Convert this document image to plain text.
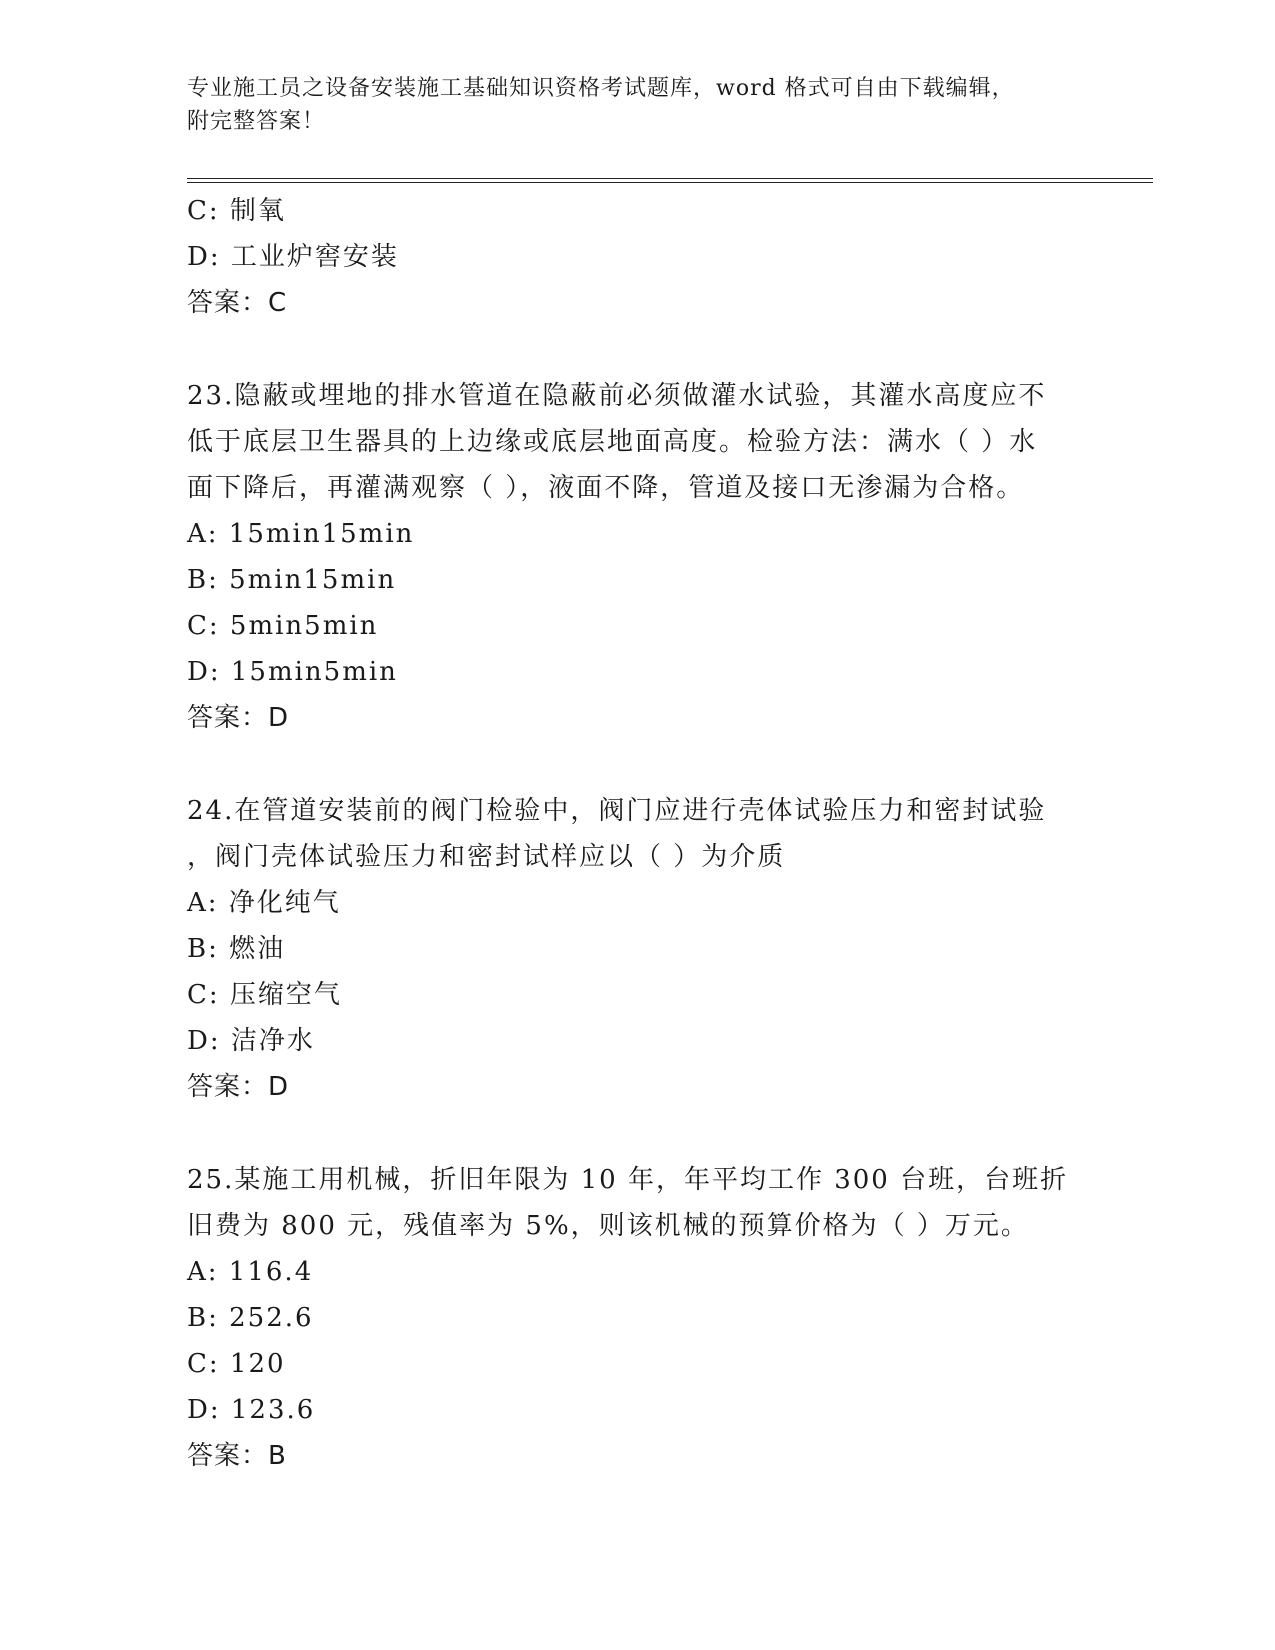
专业施工员之设备安装施工基础知识资格考试题库，word 格式可自由下载编辑，
附完整答案！
C: 制氧
D: 工业炉窖安装
答案：C
23.隐蔽或埋地的排水管道在隐蔽前必须做灌水试验，其灌水高度应不
低于底层卫生器具的上边缘或底层地面高度。检验方法：满水（ ）水
面下降后，再灌满观察（ ），液面不降，管道及接口无渗漏为合格。
A: 15min15min
B: 5min15min
C: 5min5min
D: 15min5min
答案：D
24.在管道安装前的阀门检验中，阀门应进行壳体试验压力和密封试验
，阀门壳体试验压力和密封试样应以（ ）为介质
A: 净化纯气
B: 燃油
C: 压缩空气
D: 洁净水
答案：D
25.某施工用机械，折旧年限为 10 年，年平均工作 300 台班，台班折
旧费为 800 元，残值率为 5%，则该机械的预算价格为（ ）万元。
A: 116.4
B: 252.6
C: 120
D: 123.6
答案：B
